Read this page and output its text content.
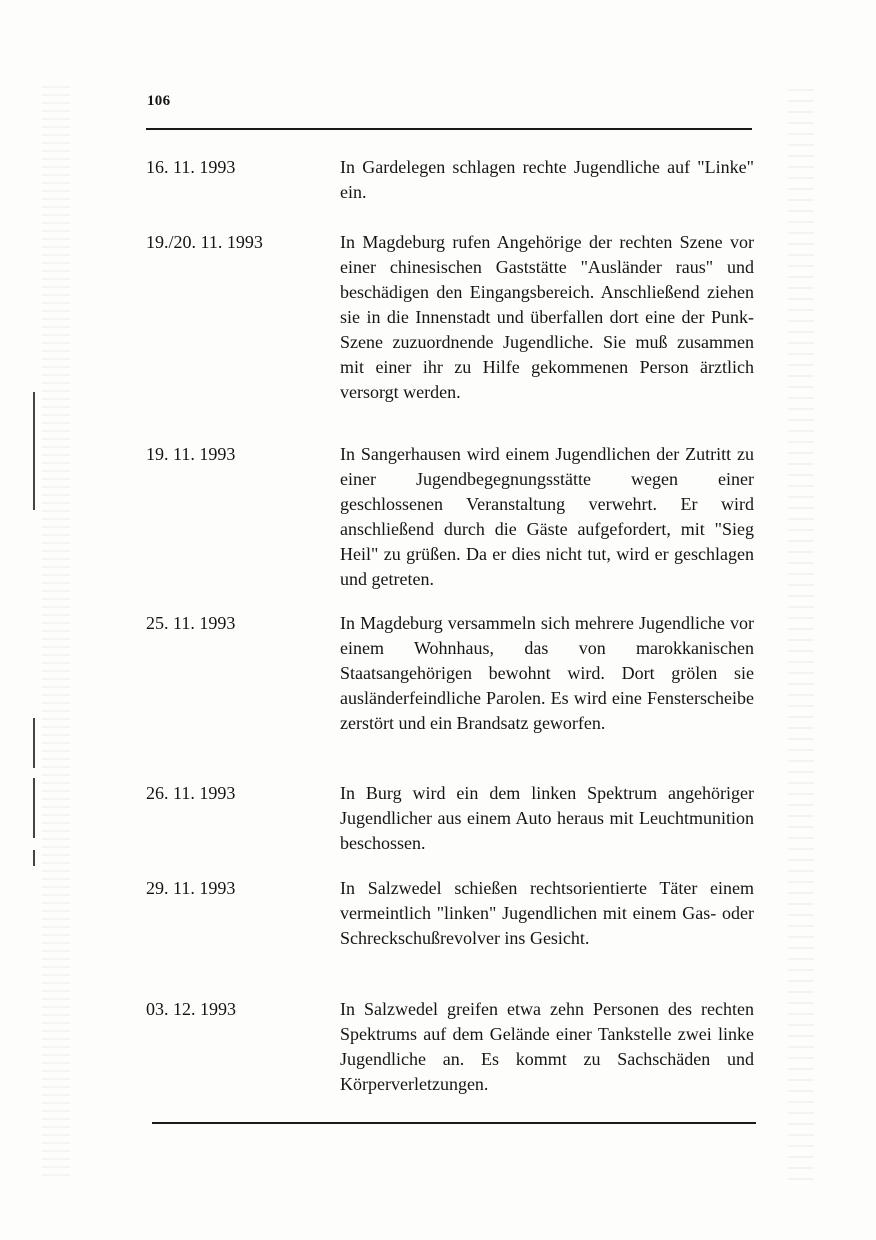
106
16. 11. 1993	In Gardelegen schlagen rechte Jugendliche auf "Linke" ein.

19./20. 11. 1993	In Magdeburg rufen Angehörige der rechten Szene vor einer chinesischen Gaststätte "Ausländer raus" und beschädigen den Eingangsbereich. Anschließend ziehen sie in die Innenstadt und überfallen dort eine der Punk-Szene zuzuordnende Jugendliche. Sie muß zusammen mit einer ihr zu Hilfe gekommenen Person ärztlich versorgt werden.

19. 11. 1993	In Sangerhausen wird einem Jugendlichen der Zutritt zu einer Jugendbegegnungsstätte wegen einer geschlossenen Veranstaltung verwehrt. Er wird anschließend durch die Gäste aufgefordert, mit "Sieg Heil" zu grüßen. Da er dies nicht tut, wird er geschlagen und getreten.

25. 11. 1993	In Magdeburg versammeln sich mehrere Jugendliche vor einem Wohnhaus, das von marokkanischen Staatsangehörigen bewohnt wird. Dort grölen sie ausländerfeindliche Parolen. Es wird eine Fensterscheibe zerstört und ein Brandsatz geworfen.

26. 11. 1993	In Burg wird ein dem linken Spektrum angehöriger Jugendlicher aus einem Auto heraus mit Leuchtmunition beschossen.

29. 11. 1993	In Salzwedel schießen rechtsorientierte Täter einem vermeintlich "linken" Jugendlichen mit einem Gas- oder Schreckschußrevolver ins Gesicht.

03. 12. 1993	In Salzwedel greifen etwa zehn Personen des rechten Spektrums auf dem Gelände einer Tankstelle zwei linke Jugendliche an. Es kommt zu Sachschäden und Körperverletzungen.
